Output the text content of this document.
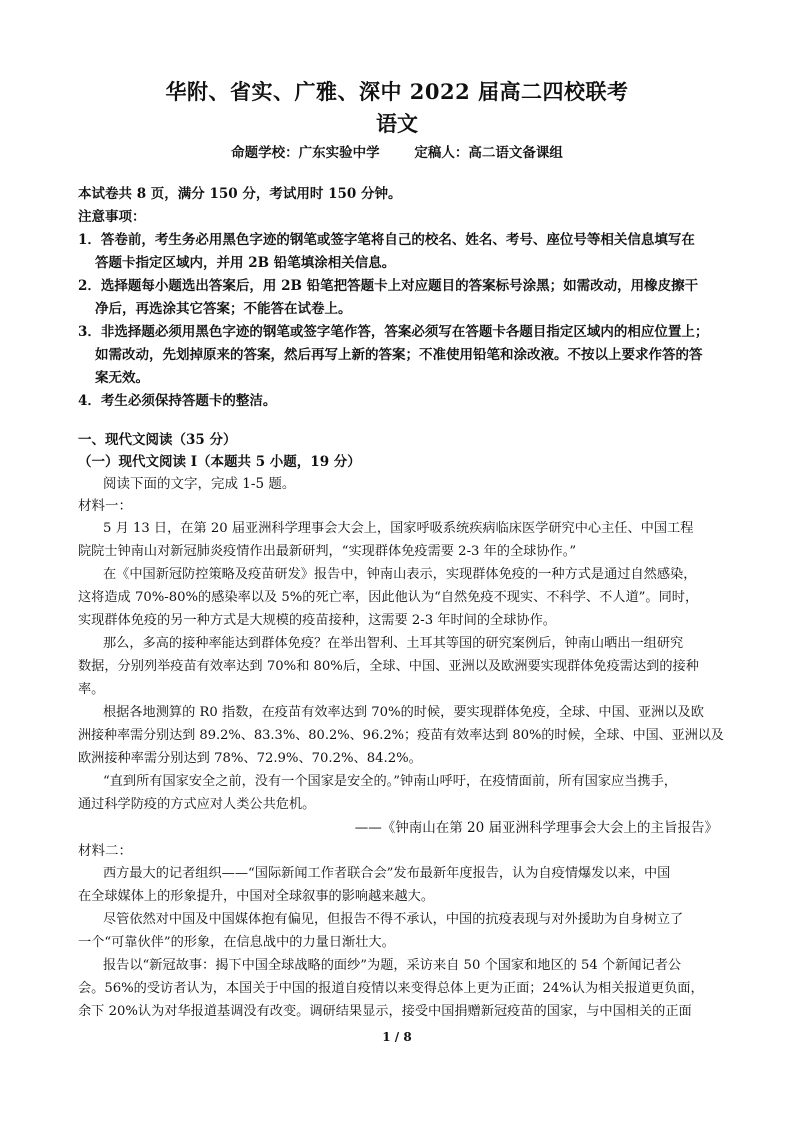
华附、省实、广雅、深中 2022 届高二四校联考
语文
命题学校：广东实验中学	定稿人：高二语文备课组
本试卷共 8 页，满分 150 分，考试用时 150 分钟。
注意事项：
1．答卷前，考生务必用黑色字迹的钢笔或签字笔将自己的校名、姓名、考号、座位号等相关信息填写在
答题卡指定区域内，并用 2B 铅笔填涂相关信息。
2．选择题每小题选出答案后，用 2B 铅笔把答题卡上对应题目的答案标号涂黑；如需改动，用橡皮擦干
净后，再选涂其它答案；不能答在试卷上。
3．非选择题必须用黑色字迹的钢笔或签字笔作答，答案必须写在答题卡各题目指定区域内的相应位置上；
如需改动，先划掉原来的答案，然后再写上新的答案；不准使用铅笔和涂改液。不按以上要求作答的答
案无效。
4．考生必须保持答题卡的整洁。
一、现代文阅读（35 分）
（一）现代文阅读 I（本题共 5 小题，19 分）
阅读下面的文字，完成 1-5 题。
材料一：
5 月 13 日，在第 20 届亚洲科学理事会大会上，国家呼吸系统疾病临床医学研究中心主任、中国工程
院院士钟南山对新冠肺炎疫情作出最新研判，“实现群体免疫需要 2-3 年的全球协作。”
在《中国新冠防控策略及疫苗研发》报告中，钟南山表示，实现群体免疫的一种方式是通过自然感染，
这将造成 70%-80%的感染率以及 5%的死亡率，因此他认为“自然免疫不现实、不科学、不人道”。同时，
实现群体免疫的另一种方式是大规模的疫苗接种，这需要 2-3 年时间的全球协作。
那么，多高的接种率能达到群体免疫？在举出智利、土耳其等国的研究案例后，钟南山晒出一组研究
数据，分别列举疫苗有效率达到 70%和 80%后，全球、中国、亚洲以及欧洲要实现群体免疫需达到的接种
率。
根据各地测算的 R0 指数，在疫苗有效率达到 70%的时候，要实现群体免疫，全球、中国、亚洲以及欧
洲接种率需分别达到 89.2%、83.3%、80.2%、96.2%；疫苗有效率达到 80%的时候，全球、中国、亚洲以及
欧洲接种率需分别达到 78%、72.9%、70.2%、84.2%。
“直到所有国家安全之前，没有一个国家是安全的。”钟南山呼吁，在疫情面前，所有国家应当携手，
通过科学防疫的方式应对人类公共危机。
——《钟南山在第 20 届亚洲科学理事会大会上的主旨报告》
材料二：
西方最大的记者组织——“国际新闻工作者联合会”发布最新年度报告，认为自疫情爆发以来，中国
在全球媒体上的形象提升，中国对全球叙事的影响越来越大。
尽管依然对中国及中国媒体抱有偏见，但报告不得不承认，中国的抗疫表现与对外援助为自身树立了
一个“可靠伙伴”的形象，在信息战中的力量日渐壮大。
报告以“新冠故事：揭下中国全球战略的面纱”为题，采访来自 50 个国家和地区的 54 个新闻记者公
会。56%的受访者认为，本国关于中国的报道自疫情以来变得总体上更为正面；24%认为相关报道更负面，
余下 20%认为对华报道基调没有改变。调研结果显示，接受中国捐赠新冠疫苗的国家，与中国相关的正面
1 / 8
